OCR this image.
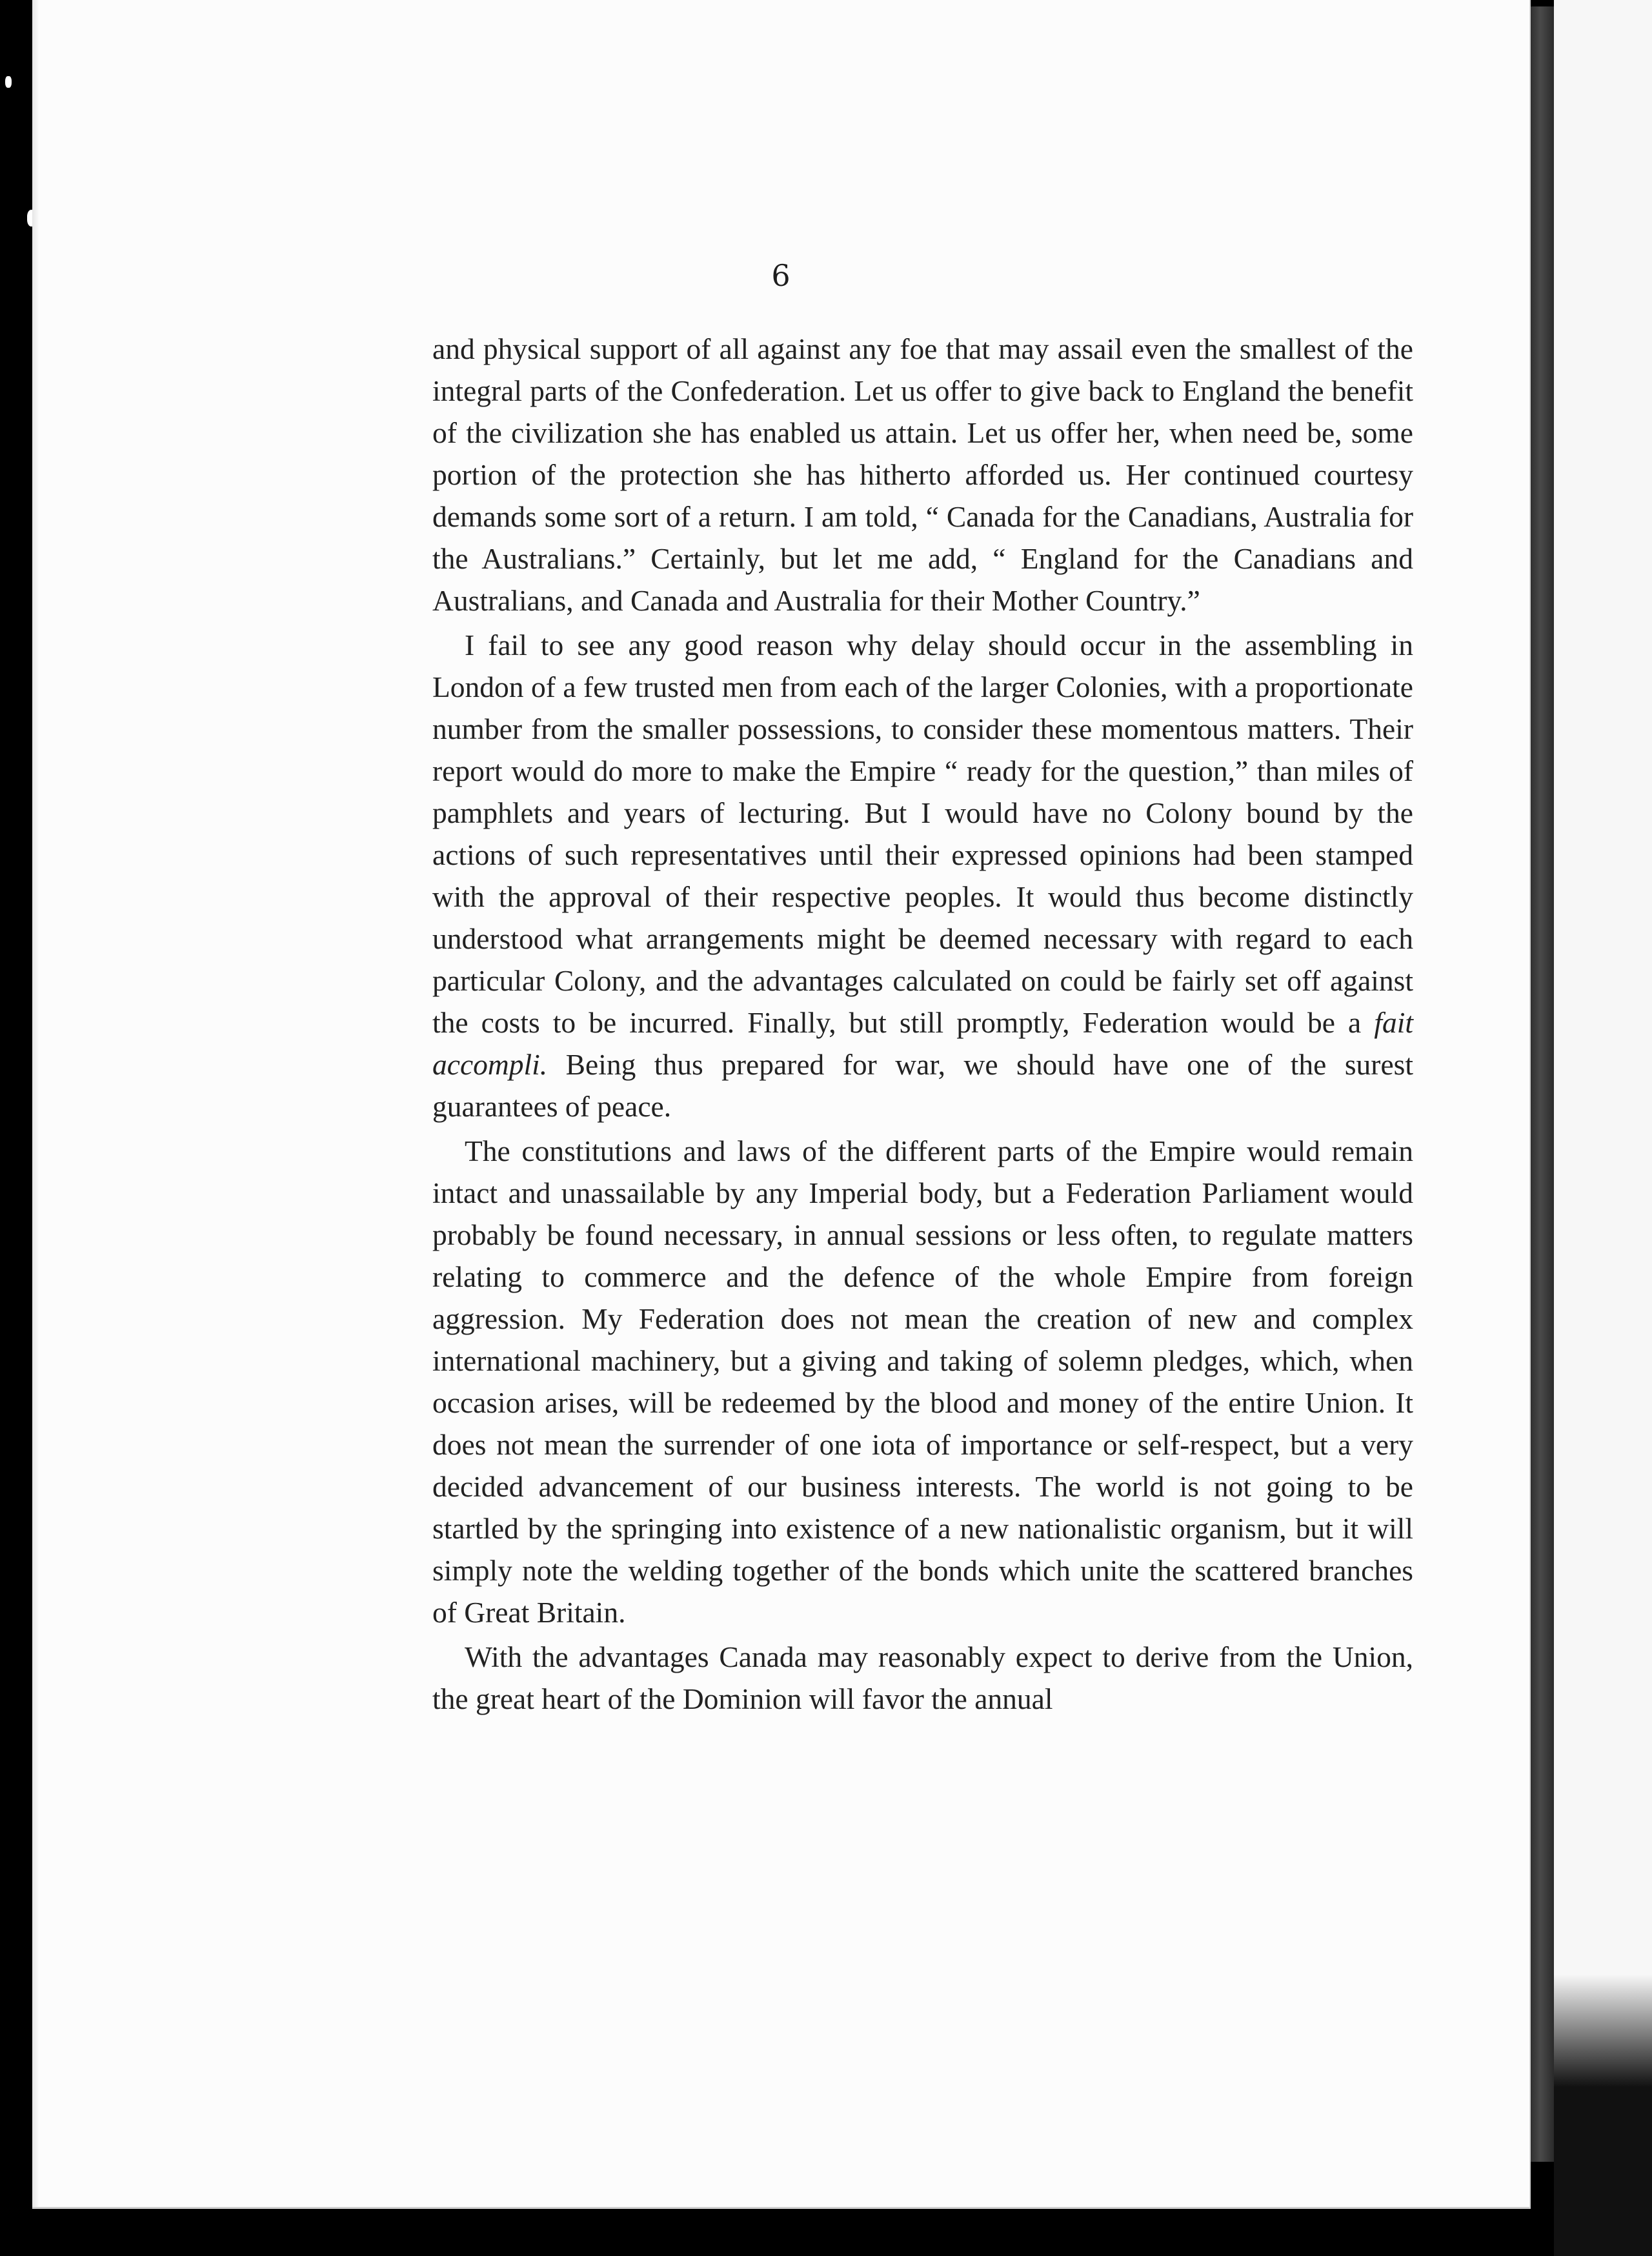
6

and physical support of all against any foe that may assail even the smallest of the integral parts of the Confederation. Let us offer to give back to England the benefit of the civilization she has enabled us attain. Let us offer her, when need be, some portion of the protection she has hitherto afforded us. Her continued courtesy demands some sort of a return. I am told, “ Canada for the Canadians, Australia for the Australians.” Certainly, but let me add, “ England for the Canadians and Australians, and Canada and Australia for their Mother Country.”

I fail to see any good reason why delay should occur in the assembling in London of a few trusted men from each of the larger Colonies, with a proportionate number from the smaller possessions, to consider these momentous matters. Their report would do more to make the Empire “ ready for the question,” than miles of pamphlets and years of lecturing. But I would have no Colony bound by the actions of such representatives until their expressed opinions had been stamped with the approval of their respective peoples. It would thus become distinctly understood what arrangements might be deemed necessary with regard to each particular Colony, and the advantages calculated on could be fairly set off against the costs to be incurred. Finally, but still promptly, Federation would be a fait accompli. Being thus prepared for war, we should have one of the surest guarantees of peace.

The constitutions and laws of the different parts of the Empire would remain intact and unassailable by any Imperial body, but a Federation Parliament would probably be found necessary, in annual sessions or less often, to regulate matters relating to commerce and the defence of the whole Empire from foreign aggression. My Federation does not mean the creation of new and complex international machinery, but a giving and taking of solemn pledges, which, when occasion arises, will be redeemed by the blood and money of the entire Union. It does not mean the surrender of one iota of importance or self-respect, but a very decided advancement of our business interests. The world is not going to be startled by the springing into existence of a new nationalistic organism, but it will simply note the welding together of the bonds which unite the scattered branches of Great Britain.

With the advantages Canada may reasonably expect to derive from the Union, the great heart of the Dominion will favor the annual
